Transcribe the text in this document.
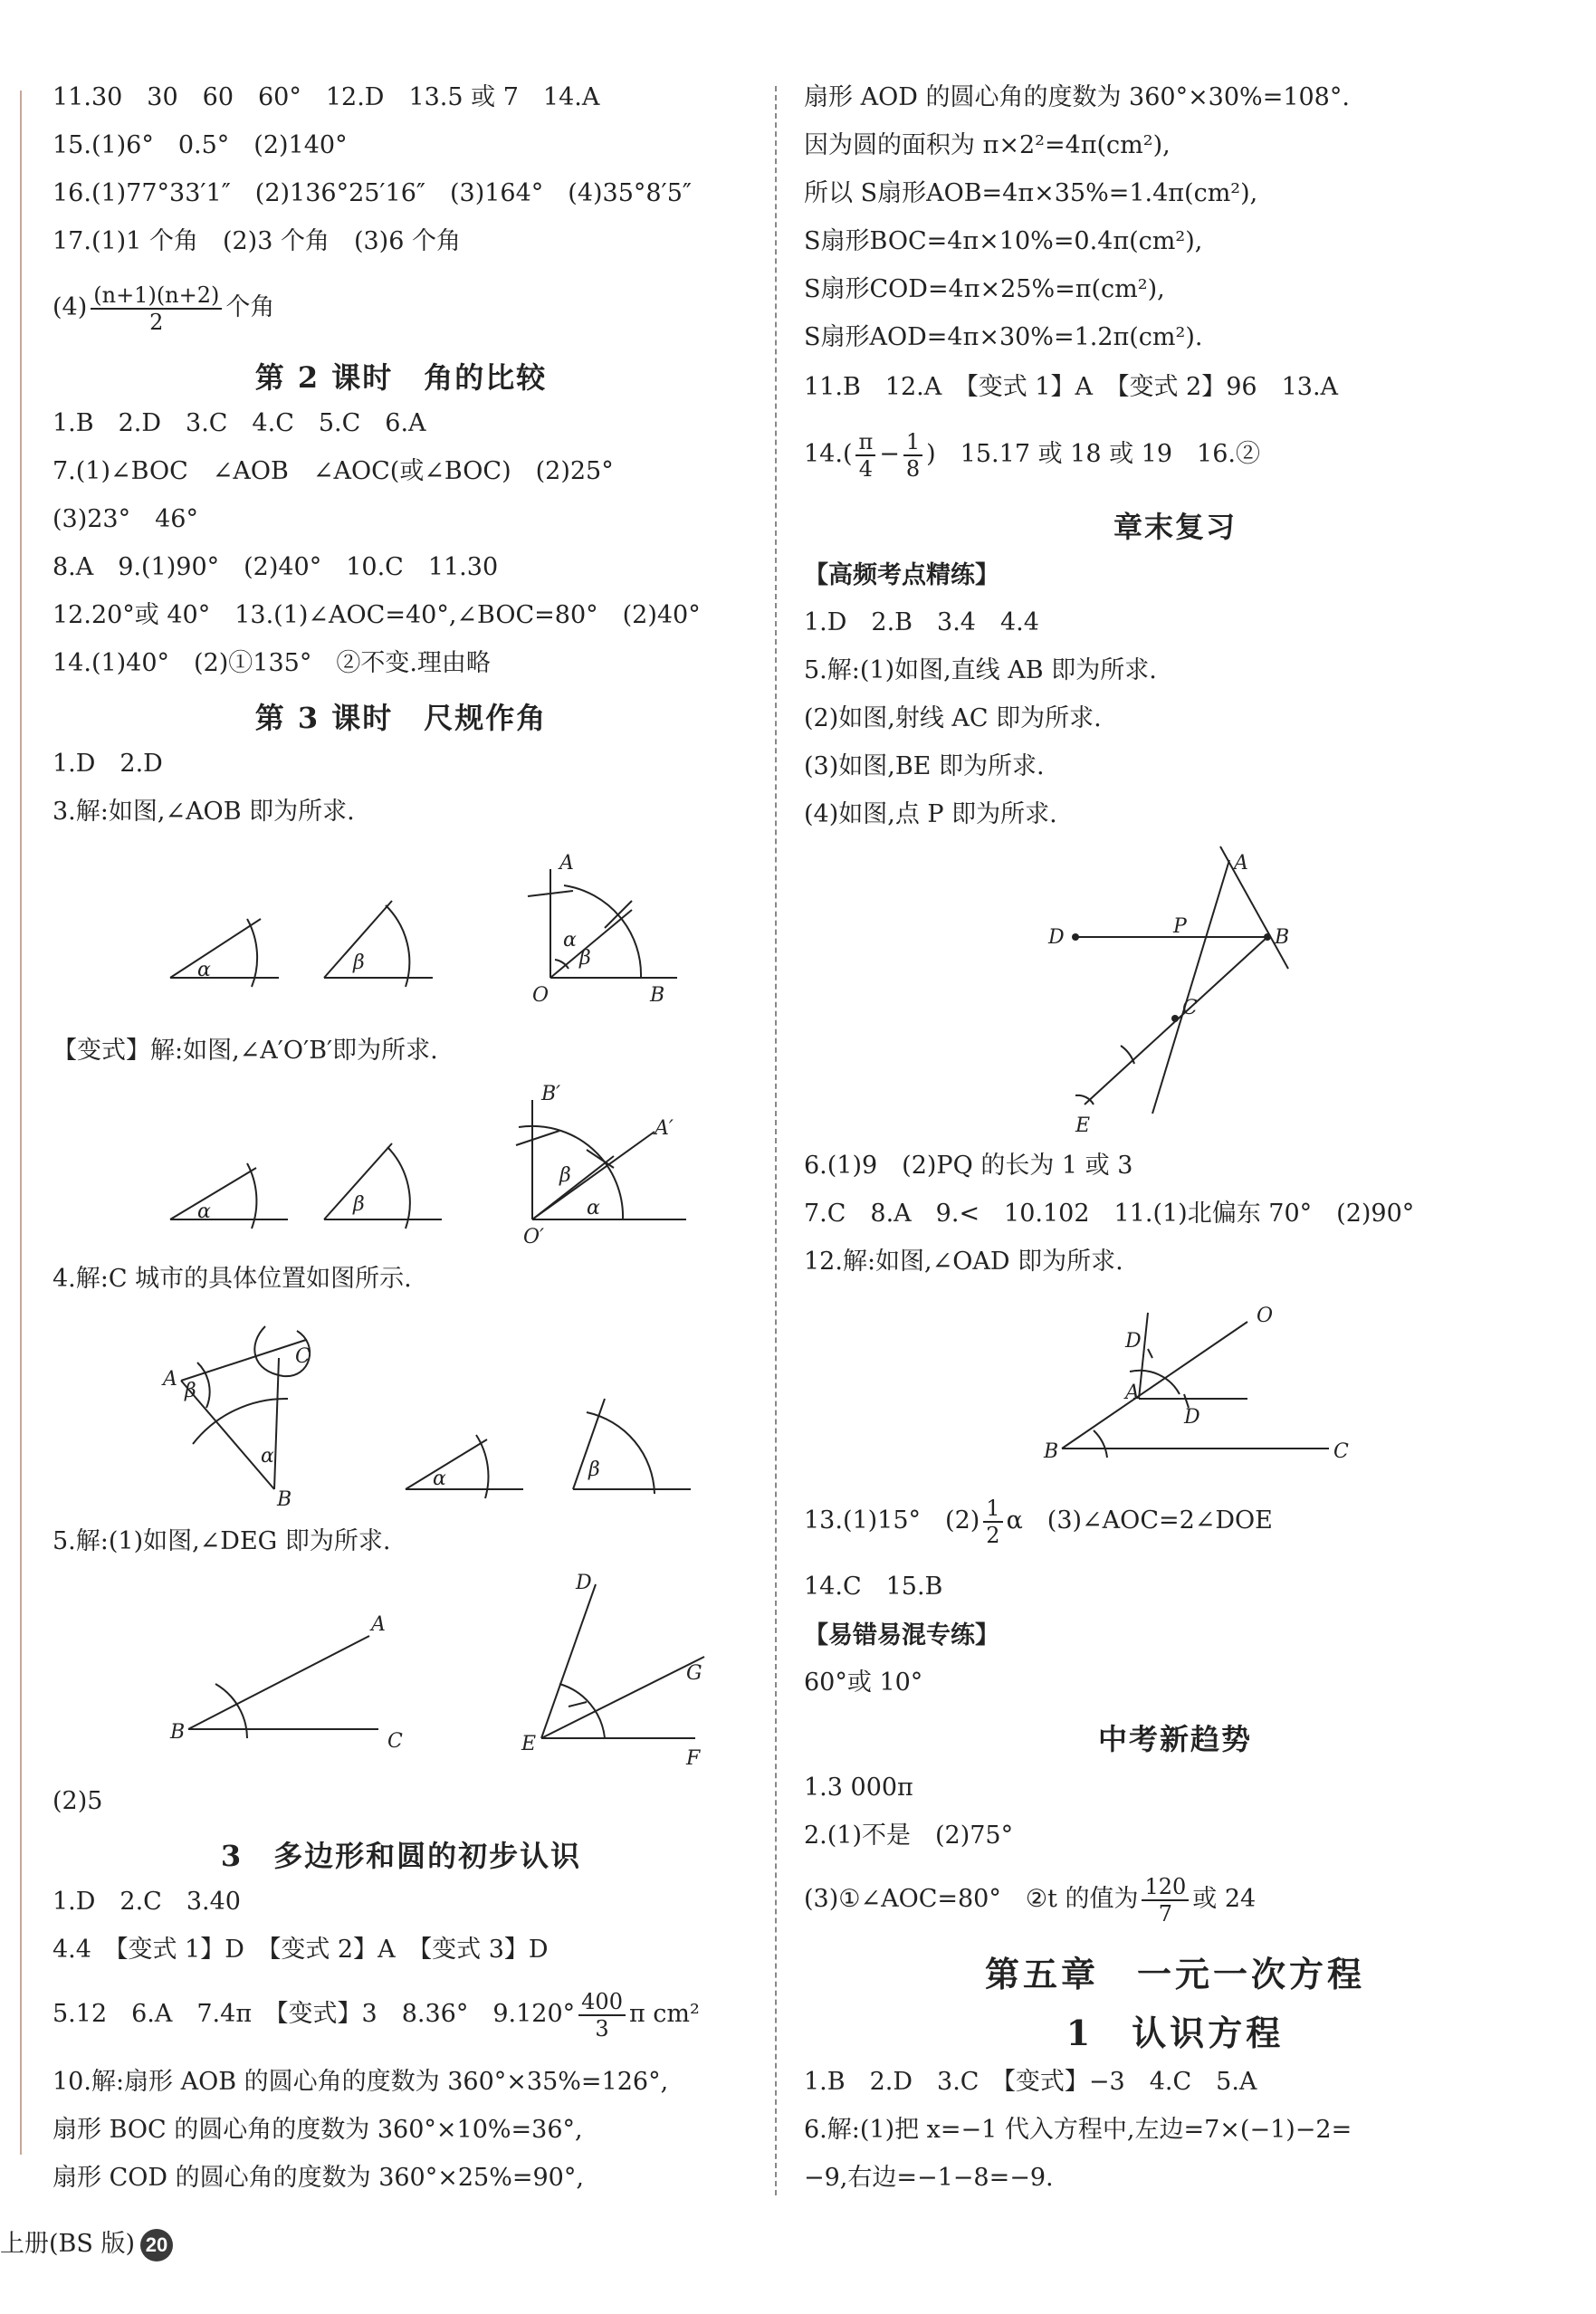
11.30　30　60　60°　12.D　13.5 或 7　14.A
15.(1)6°　0.5°　(2)140°
16.(1)77°33′1″　(2)136°25′16″　(3)164°　(4)35°8′5″
17.(1)1 个角　(2)3 个角　(3)6 个角
$(4) \frac{(n+1)(n+2)}{2}$ 个角
第 2 课时　角的比较
1.B　2.D　3.C　4.C　5.C　6.A
7.(1)∠BOC　∠AOB　∠AOC(或∠BOC)　(2)25°
(3)23°　46°
8.A　9.(1)90°　(2)40°　10.C　11.30
12.20°或 40°　13.(1)∠AOC=40°,∠BOC=80°　(2)40°
14.(1)40°　(2)①135°　②不变.理由略
第 3 课时　尺规作角
1.D　2.D
3.解:如图,∠AOB 即为所求.
α	β
A
α
β
O	B
【变式】解:如图,∠A′O′B′即为所求.
α	β
B′
A′
β
α
O′
4.解:C 城市的具体位置如图所示.
A
β
C
α
B
α	β
5.解:(1)如图,∠DEG 即为所求.
A
B	C
D
G
E
F
(2)5
3　多边形和圆的初步认识
1.D　2.C　3.40
4.4　【变式 1】D　【变式 2】A　【变式 3】D
5.12　6.A　7.4π　【变式】3　8.36°　$9.120^\circ \frac{400}{3}$ π cm²
10.解:扇形 AOB 的圆心角的度数为 360°×35%=126°,
扇形 BOC 的圆心角的度数为 360°×10%=36°,
扇形 COD 的圆心角的度数为 360°×25%=90°,
扇形 AOD 的圆心角的度数为 360°×30%=108°.
因为圆的面积为 π×2²=4π(cm²),
所以 S扇形AOB=4π×35%=1.4π(cm²),
S扇形BOC=4π×10%=0.4π(cm²),
S扇形COD=4π×25%=π(cm²),
S扇形AOD=4π×30%=1.2π(cm²).
11.B　12.A　【变式 1】A　【变式 2】96　13.A
$14.( \frac{\pi}{4} - \frac{1}{8}$ )　15.17 或 18 或 19　16.②
章末复习
【高频考点精练】
1.D　2.B　3.4　4.4
5.解:(1)如图,直线 AB 即为所求.
(2)如图,射线 AC 即为所求.
(3)如图,BE 即为所求.
(4)如图,点 P 即为所求.
A
P
D	B
C
E
6.(1)9　(2)PQ 的长为 1 或 3
7.C　8.A　9.<　10.102　11.(1)北偏东 70°　(2)90°
12.解:如图,∠OAD 即为所求.
O
D
A
D
B	C
13.(1)15°　$(2) \frac{1}{2}$ α　(3)∠AOC=2∠DOE
14.C　15.B
【易错易混专练】
60°或 10°
中考新趋势
1.3 000π
2.(1)不是　(2)75°
(3)①∠AOC=80°　②t 的值为 $\frac{120}{7}$ 或 24
第五章　一元一次方程
1　认识方程
1.B　2.D　3.C　【变式】−3　4.C　5.A
6.解:(1)把 x=−1 代入方程中,左边=7×(−1)−2=
−9,右边=−1−8=−9.
上册(BS 版) 20
